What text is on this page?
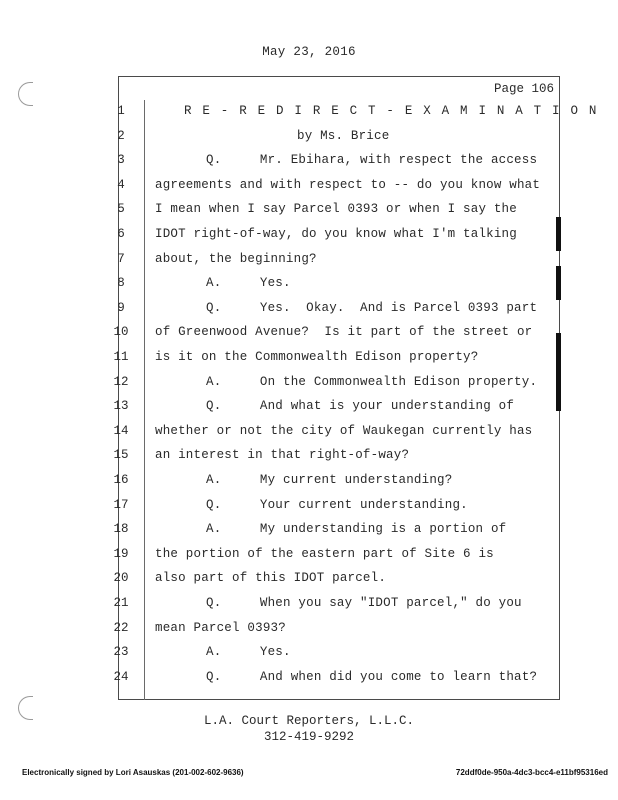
May 23, 2016
Page 106
1	R E - R E D I R E C T - E X A M I N A T I O N
2	by Ms. Brice
3	Q.     Mr. Ebihara, with respect the access
4	agreements and with respect to -- do you know what
5	I mean when I say Parcel 0393 or when I say the
6	IDOT right-of-way, do you know what I'm talking
7	about, the beginning?
8	A.     Yes.
9	Q.     Yes.  Okay.  And is Parcel 0393 part
10	of Greenwood Avenue?  Is it part of the street or
11	is it on the Commonwealth Edison property?
12	A.     On the Commonwealth Edison property.
13	Q.     And what is your understanding of
14	whether or not the city of Waukegan currently has
15	an interest in that right-of-way?
16	A.     My current understanding?
17	Q.     Your current understanding.
18	A.     My understanding is a portion of
19	the portion of the eastern part of Site 6 is
20	also part of this IDOT parcel.
21	Q.     When you say "IDOT parcel," do you
22	mean Parcel 0393?
23	A.     Yes.
24	Q.     And when did you come to learn that?
L.A. Court Reporters, L.L.C.
312-419-9292
Electronically signed by Lori Asauskas (201-002-602-9636)	72ddf0de-950a-4dc3-bcc4-e11bf95316ed
